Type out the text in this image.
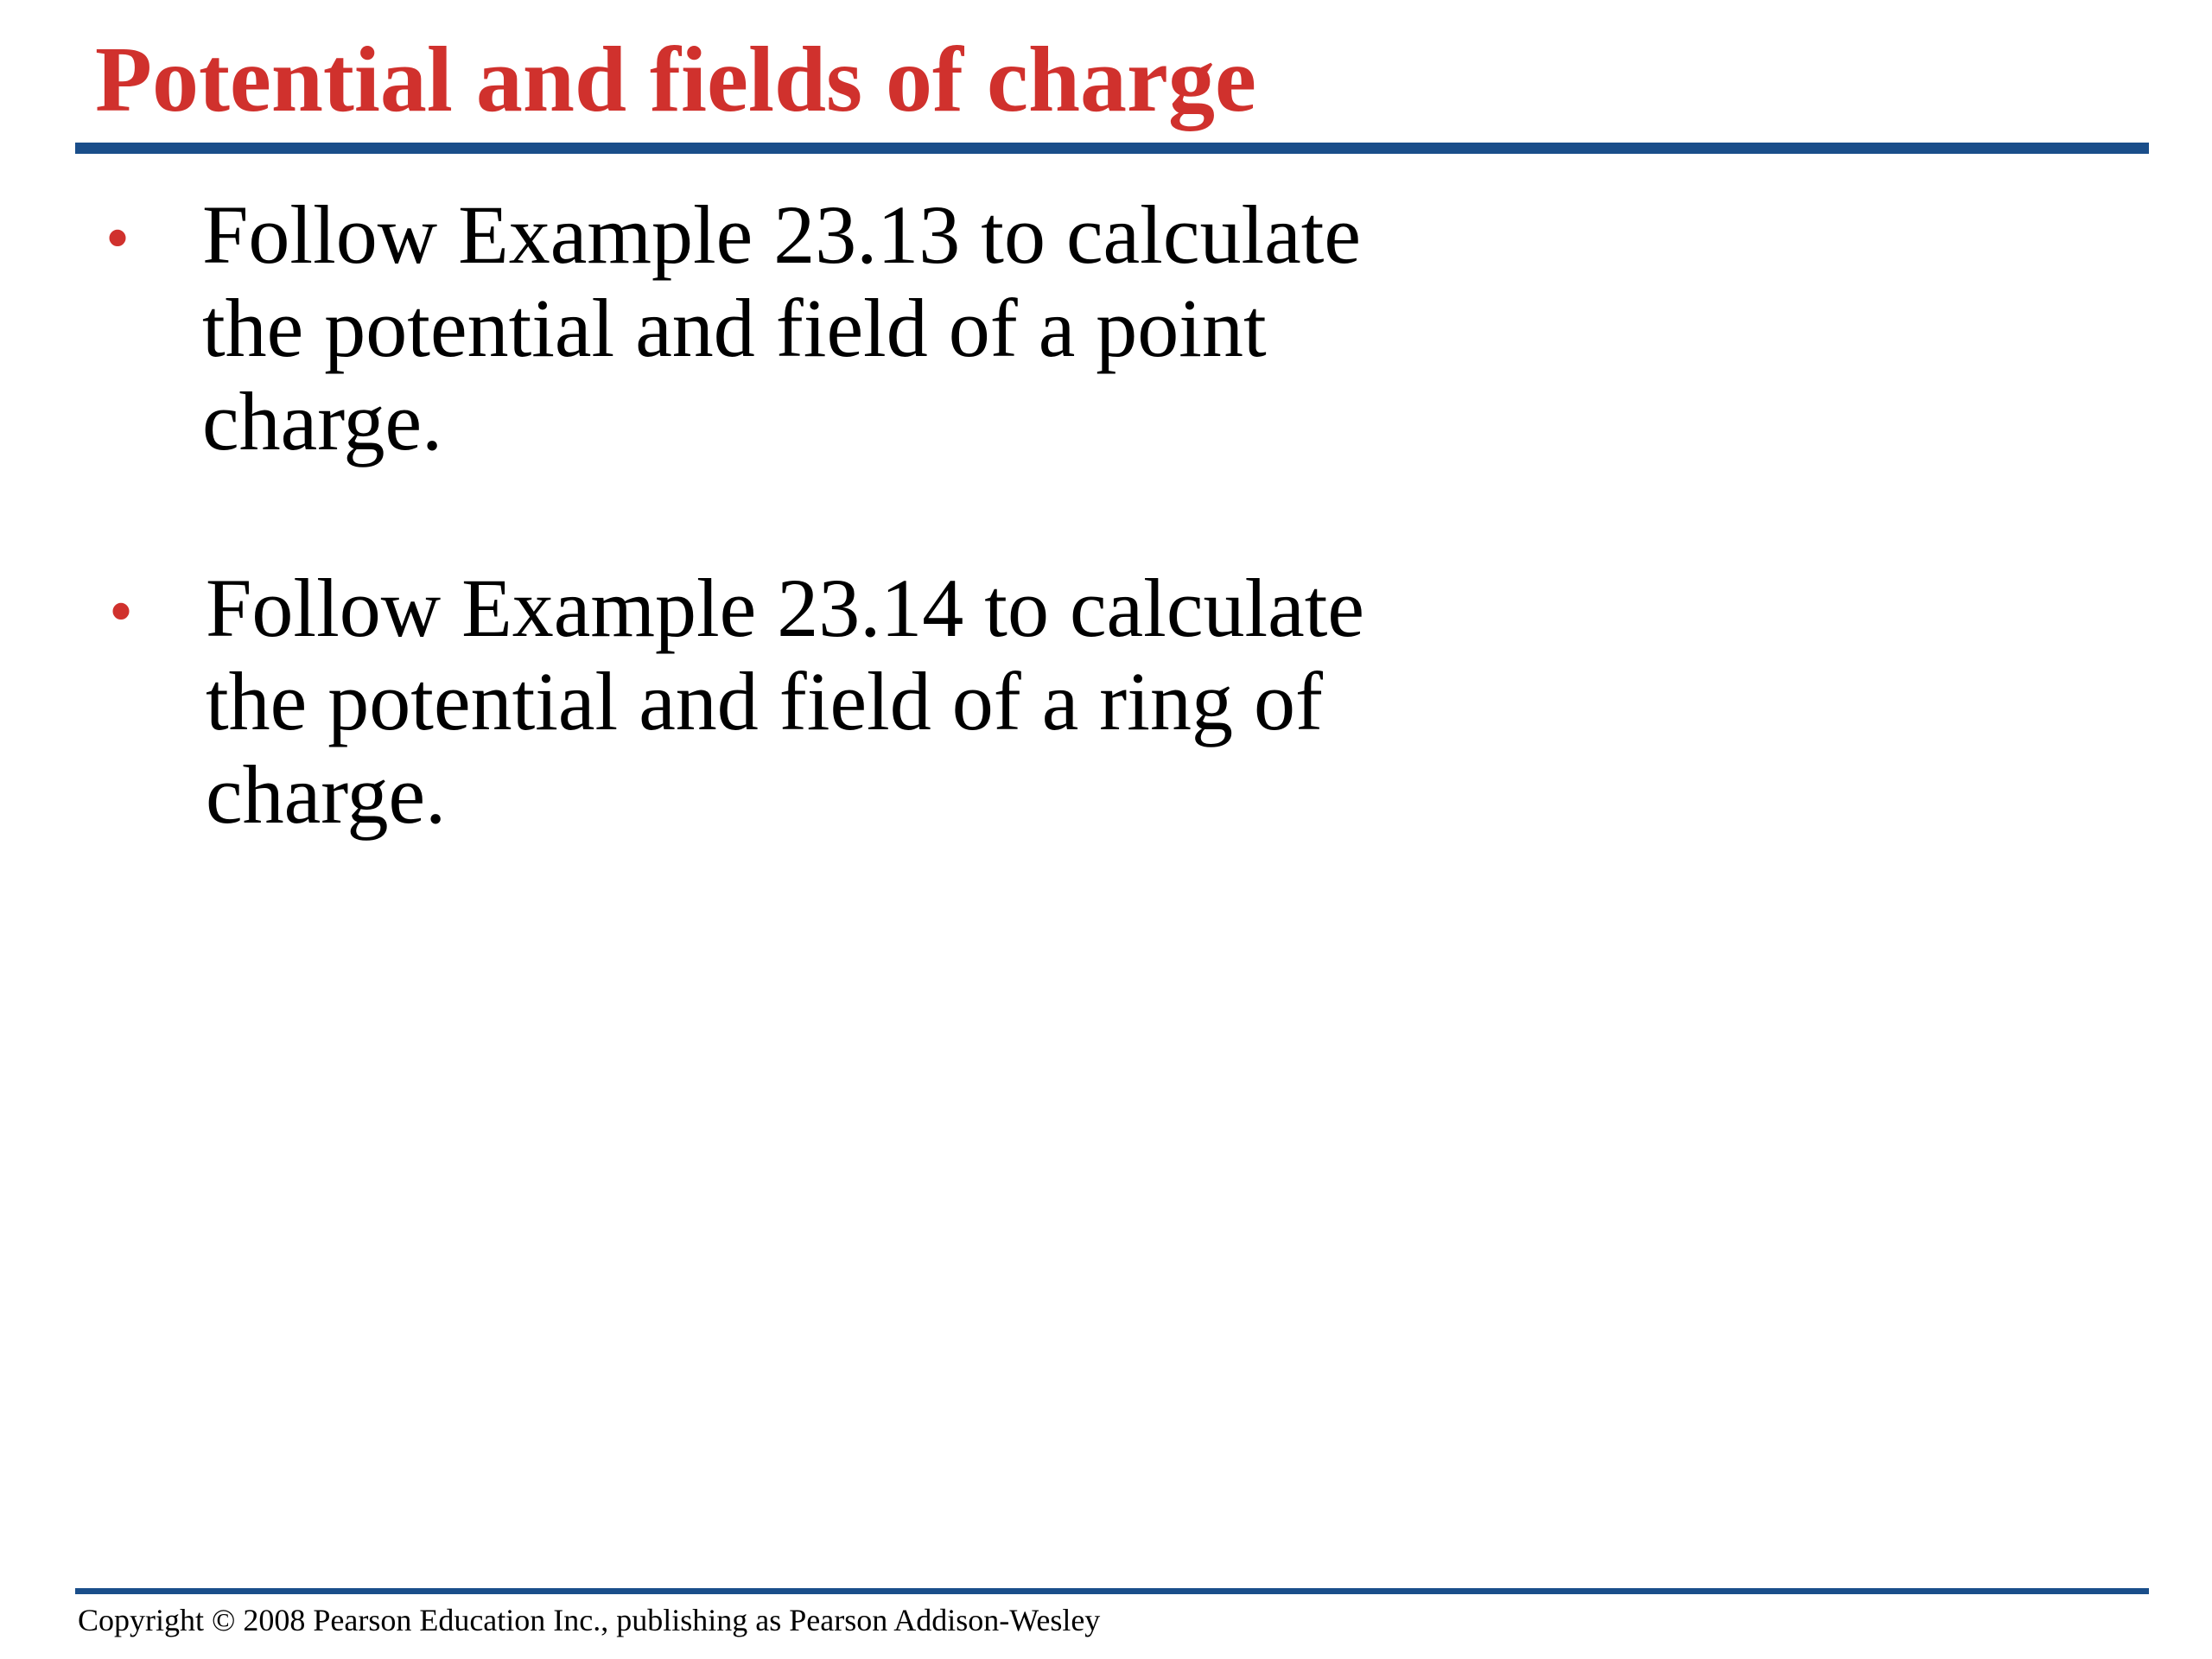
Potential and fields of charge
• Follow Example 23.13 to calculate
the potential and field of a point
charge.

• Follow Example 23.14 to calculate
the potential and field of a ring of
charge.

Copyright © 2008 Pearson Education Inc., publishing as Pearson Addison-Wesley
